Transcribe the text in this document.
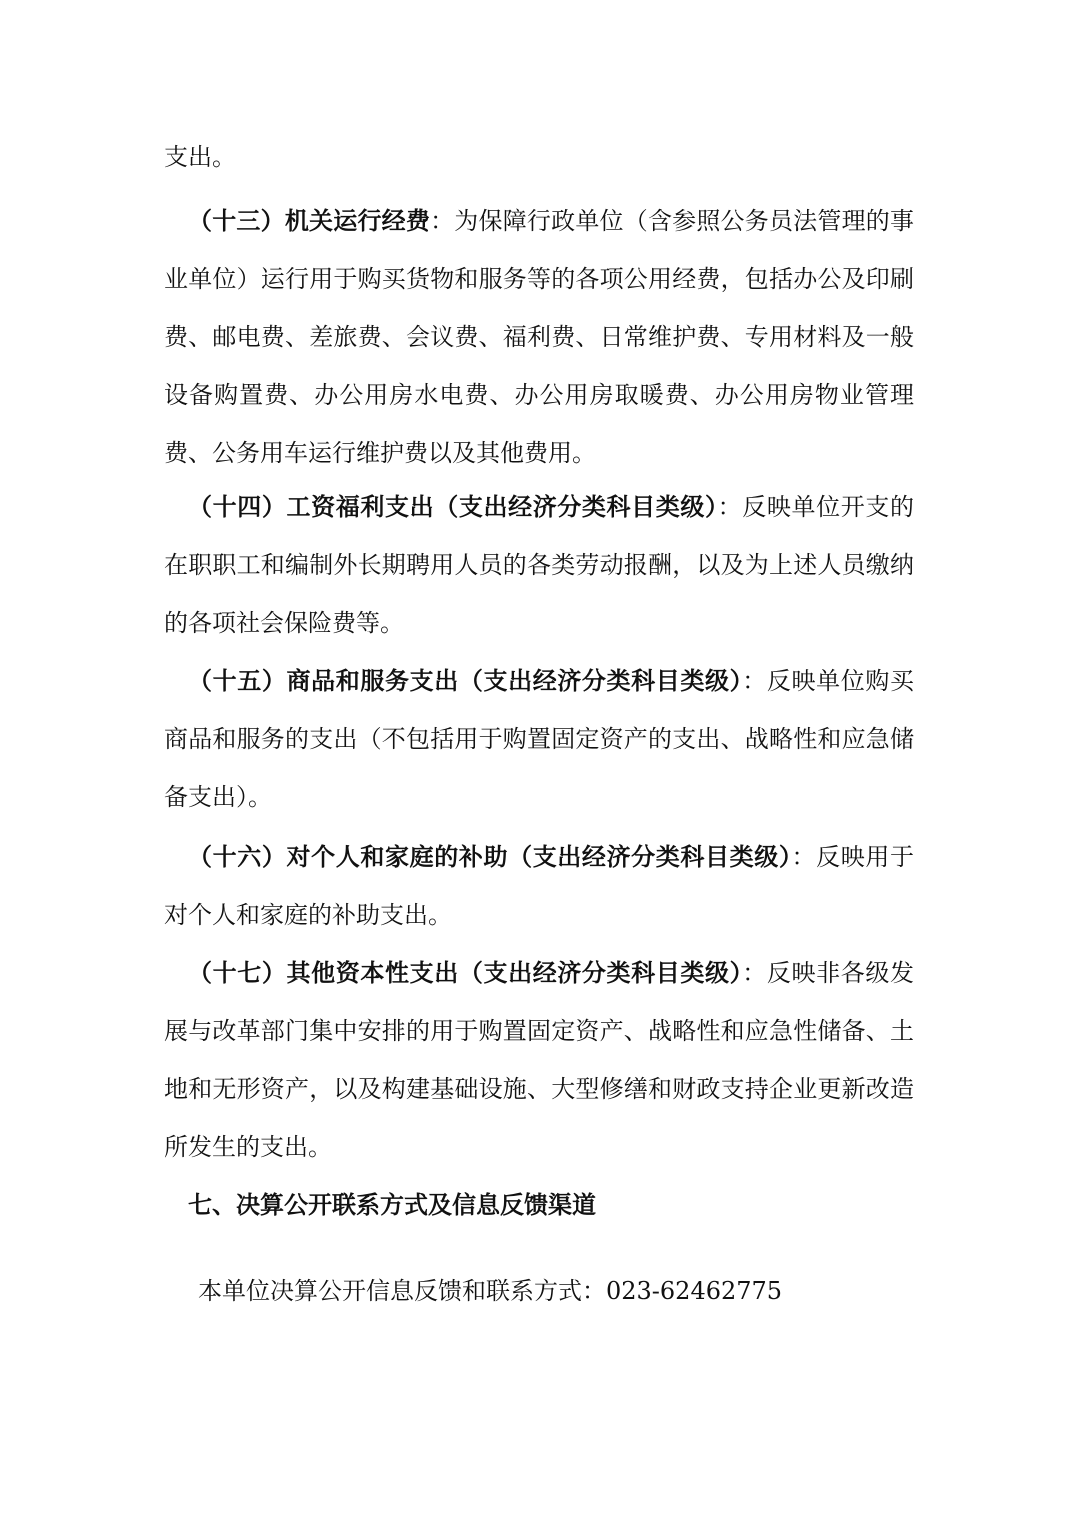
支出。

（十三）机关运行经费：为保障行政单位（含参照公务员法管理的事业单位）运行用于购买货物和服务等的各项公用经费，包括办公及印刷费、邮电费、差旅费、会议费、福利费、日常维护费、专用材料及一般设备购置费、办公用房水电费、办公用房取暖费、办公用房物业管理费、公务用车运行维护费以及其他费用。

（十四）工资福利支出（支出经济分类科目类级）：反映单位开支的在职职工和编制外长期聘用人员的各类劳动报酬，以及为上述人员缴纳的各项社会保险费等。

（十五）商品和服务支出（支出经济分类科目类级）：反映单位购买商品和服务的支出（不包括用于购置固定资产的支出、战略性和应急储备支出）。

（十六）对个人和家庭的补助（支出经济分类科目类级）：反映用于对个人和家庭的补助支出。

（十七）其他资本性支出（支出经济分类科目类级）：反映非各级发展与改革部门集中安排的用于购置固定资产、战略性和应急性储备、土地和无形资产，以及构建基础设施、大型修缮和财政支持企业更新改造所发生的支出。

七、决算公开联系方式及信息反馈渠道
本单位决算公开信息反馈和联系方式：023-62462775
